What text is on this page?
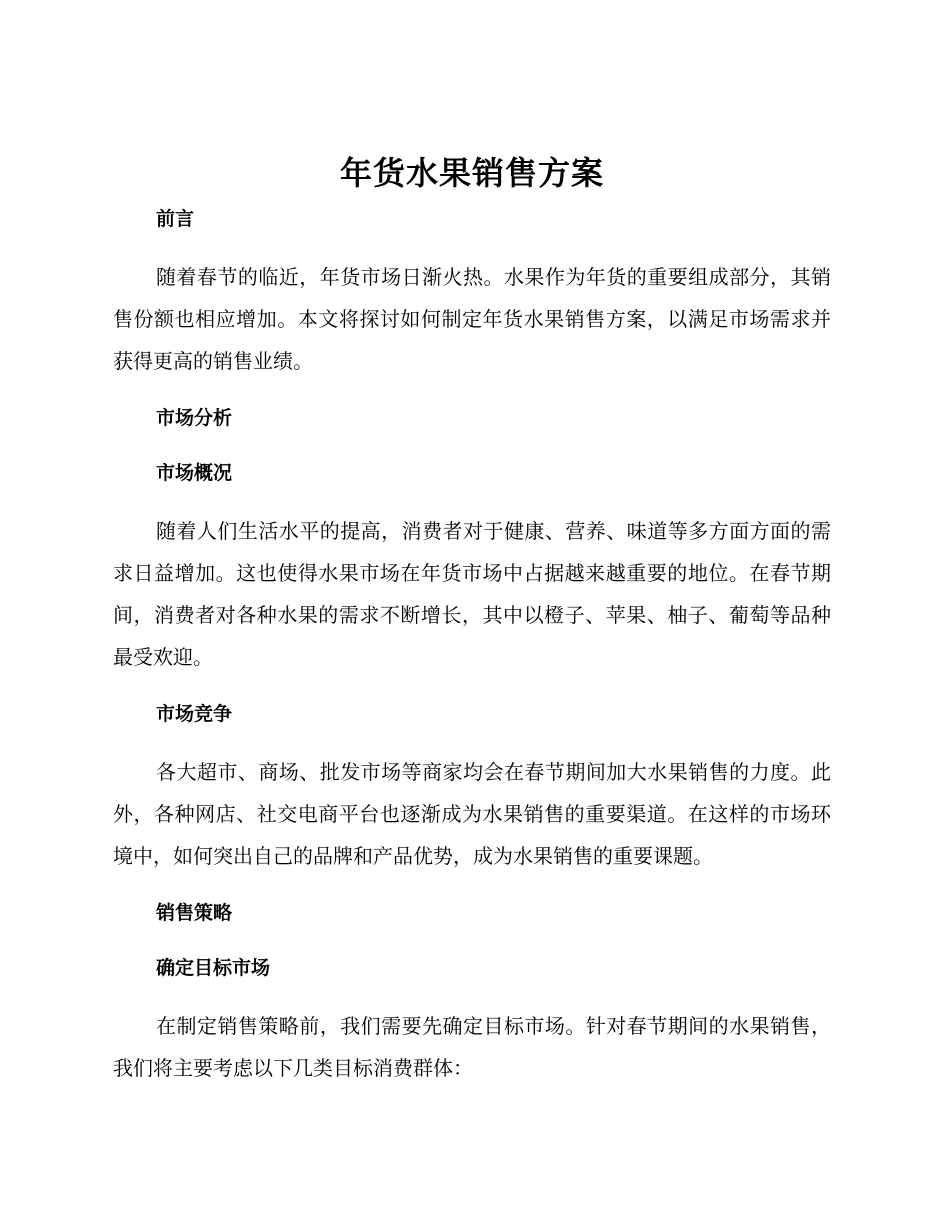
年货水果销售方案
前言

随着春节的临近，年货市场日渐火热。水果作为年货的重要组成部分，其销售份额也相应增加。本文将探讨如何制定年货水果销售方案，以满足市场需求并获得更高的销售业绩。

市场分析
市场概况

随着人们生活水平的提高，消费者对于健康、营养、味道等多方面方面的需求日益增加。这也使得水果市场在年货市场中占据越来越重要的地位。在春节期间，消费者对各种水果的需求不断增长，其中以橙子、苹果、柚子、葡萄等品种最受欢迎。

市场竞争

各大超市、商场、批发市场等商家均会在春节期间加大水果销售的力度。此外，各种网店、社交电商平台也逐渐成为水果销售的重要渠道。在这样的市场环境中，如何突出自己的品牌和产品优势，成为水果销售的重要课题。

销售策略
确定目标市场

在制定销售策略前，我们需要先确定目标市场。针对春节期间的水果销售，我们将主要考虑以下几类目标消费群体：
